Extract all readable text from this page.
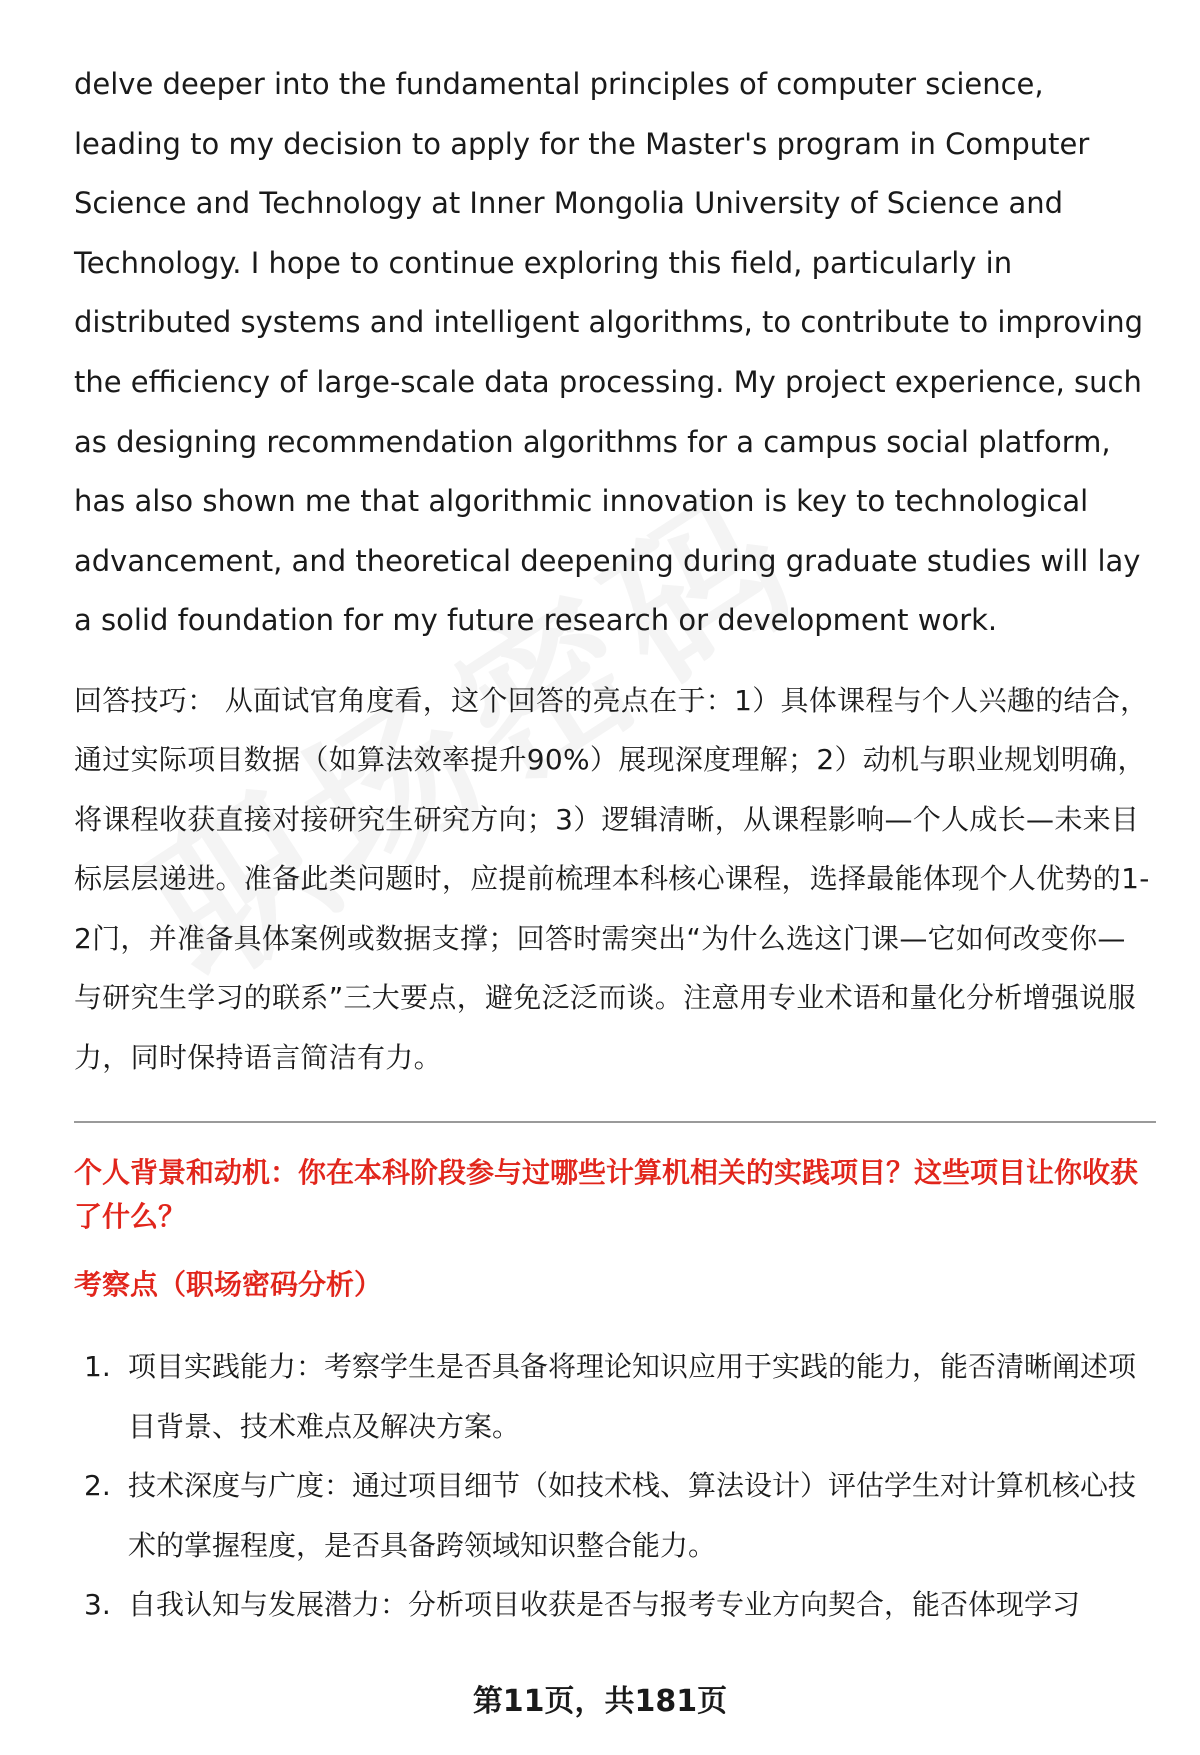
delve deeper into the fundamental principles of computer science, leading to my decision to apply for the Master's program in Computer Science and Technology at Inner Mongolia University of Science and Technology. I hope to continue exploring this field, particularly in distributed systems and intelligent algorithms, to contribute to improving the efficiency of large-scale data processing. My project experience, such as designing recommendation algorithms for a campus social platform, has also shown me that algorithmic innovation is key to technological advancement, and theoretical deepening during graduate studies will lay a solid foundation for my future research or development work.

回答技巧： 从面试官角度看，这个回答的亮点在于：1）具体课程与个人兴趣的结合，通过实际项目数据（如算法效率提升90%）展现深度理解；2）动机与职业规划明确，将课程收获直接对接研究生研究方向；3）逻辑清晰，从课程影响—个人成长—未来目标层层递进。准备此类问题时，应提前梳理本科核心课程，选择最能体现个人优势的1-2门，并准备具体案例或数据支撑；回答时需突出“为什么选这门课—它如何改变你—与研究生学习的联系”三大要点，避免泛泛而谈。注意用专业术语和量化分析增强说服力，同时保持语言简洁有力。

个人背景和动机：你在本科阶段参与过哪些计算机相关的实践项目？这些项目让你收获了什么？
考察点（职场密码分析）
1. 项目实践能力：考察学生是否具备将理论知识应用于实践的能力，能否清晰阐述项目背景、技术难点及解决方案。
2. 技术深度与广度：通过项目细节（如技术栈、算法设计）评估学生对计算机核心技术的掌握程度，是否具备跨领域知识整合能力。
3. 自我认知与发展潜力：分析项目收获是否与报考专业方向契合，能否体现学习
第11页，共181页
